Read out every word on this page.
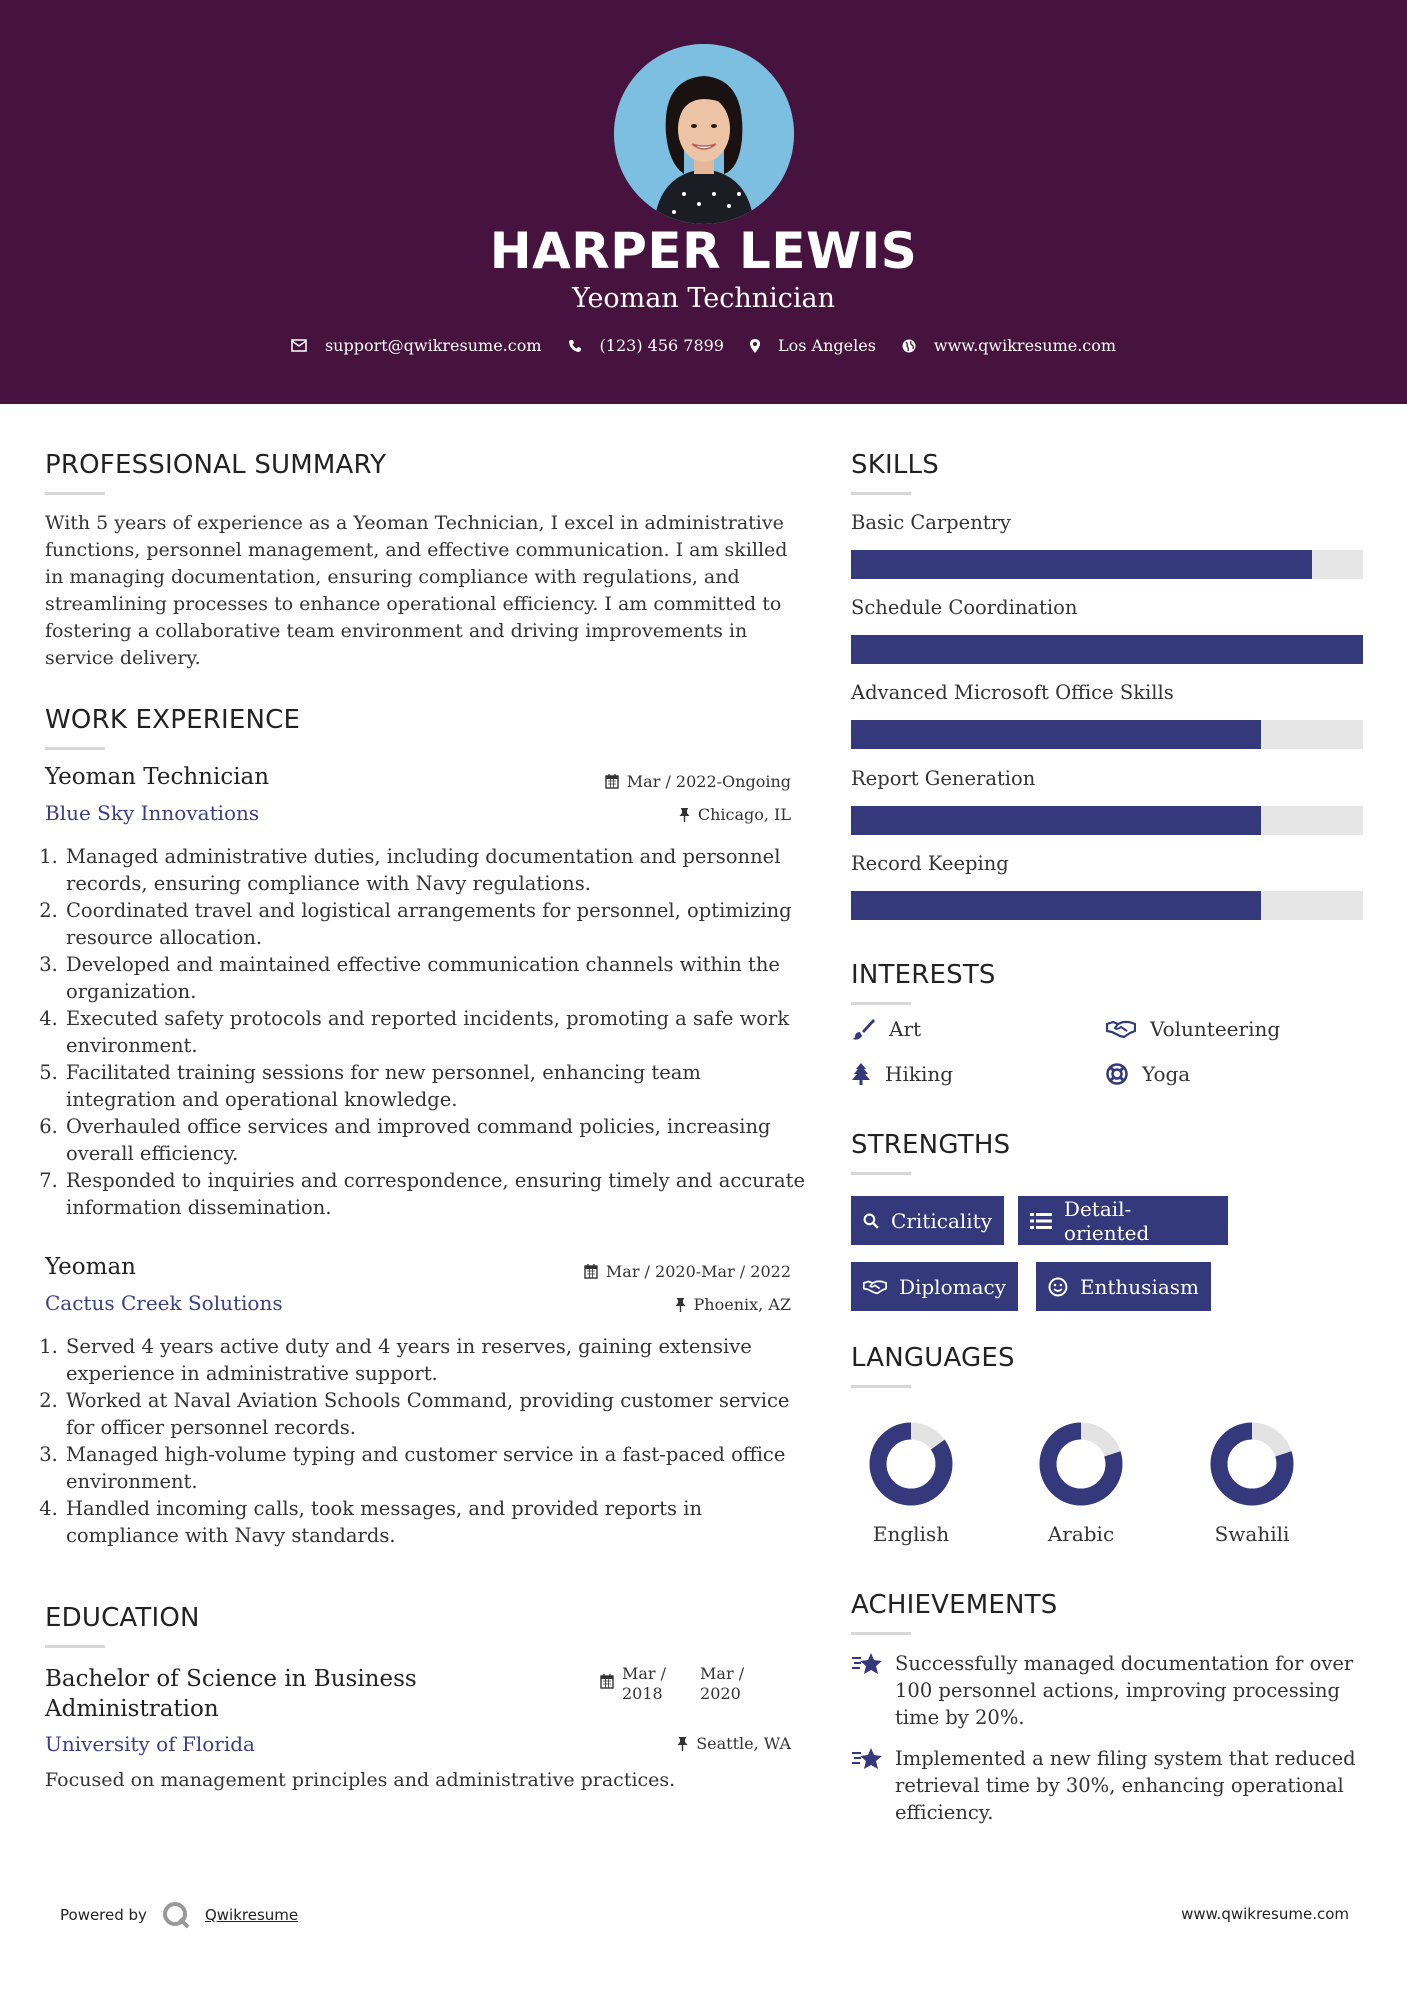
HARPER LEWIS
Yeoman Technician
support@qwikresume.com	(123) 456 7899	Los Angeles	www.qwikresume.com
PROFESSIONAL SUMMARY
With 5 years of experience as a Yeoman Technician, I excel in administrative functions, personnel management, and effective communication. I am skilled in managing documentation, ensuring compliance with regulations, and streamlining processes to enhance operational efficiency. I am committed to fostering a collaborative team environment and driving improvements in service delivery.
WORK EXPERIENCE
Yeoman Technician
Blue Sky Innovations
Mar / 2022-Ongoing
Chicago, IL
1. Managed administrative duties, including documentation and personnel records, ensuring compliance with Navy regulations.
2. Coordinated travel and logistical arrangements for personnel, optimizing resource allocation.
3. Developed and maintained effective communication channels within the organization.
4. Executed safety protocols and reported incidents, promoting a safe work environment.
5. Facilitated training sessions for new personnel, enhancing team integration and operational knowledge.
6. Overhauled office services and improved command policies, increasing overall efficiency.
7. Responded to inquiries and correspondence, ensuring timely and accurate information dissemination.
Yeoman
Cactus Creek Solutions
Mar / 2020-Mar / 2022
Phoenix, AZ
1. Served 4 years active duty and 4 years in reserves, gaining extensive experience in administrative support.
2. Worked at Naval Aviation Schools Command, providing customer service for officer personnel records.
3. Managed high-volume typing and customer service in a fast-paced office environment.
4. Handled incoming calls, took messages, and provided reports in compliance with Navy standards.
EDUCATION
Bachelor of Science in Business
Administration
University of Florida
Mar /
2018
Mar /
2020
Seattle, WA
Focused on management principles and administrative practices.
SKILLS
Basic Carpentry
Schedule Coordination
Advanced Microsoft Office Skills
Report Generation
Record Keeping
INTERESTS
Art	Volunteering
Hiking	Yoga
STRENGTHS
Criticality	Detail-oriented
Diplomacy	Enthusiasm
LANGUAGES
English	Arabic	Swahili
ACHIEVEMENTS
Successfully managed documentation for over 100 personnel actions, improving processing time by 20%.
Implemented a new filing system that reduced retrieval time by 30%, enhancing operational efficiency.
Powered by	Qwikresume	www.qwikresume.com
